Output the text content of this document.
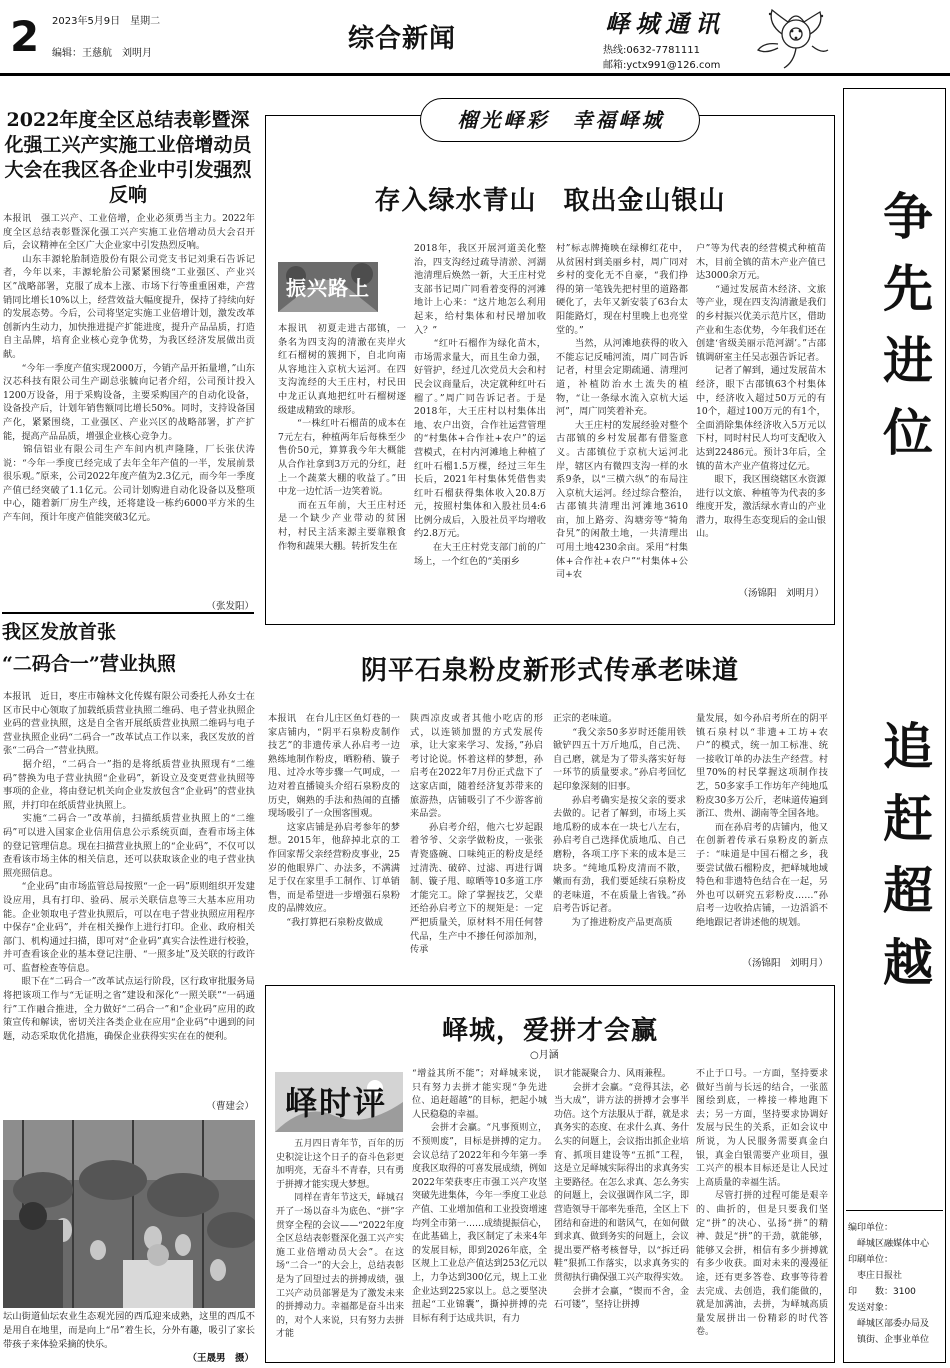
2 2023年5月9日　星期二
编辑：王慈航　刘明月	综合新闻
峄城通讯
热线:0632-7781111
邮箱:yctx991@126.com
2022年度全区总结表彰暨深化强工兴产实施工业倍增动员大会在我区各企业中引发强烈反响
本报讯　强工兴产、工业倍增，企业必须勇当主力。2022年度全区总结表彰暨深化强工兴产实施工业倍增动员大会召开后，会议精神在全区广大企业家中引发热烈反响。
　　山东丰源轮胎制造股份有限公司党支书记刘秉石告诉记者，今年以来，丰源轮胎公司紧紧围绕“工业强区、产业兴区”战略部署，克服了成本上涨、市场下行等重重困难，产营销同比增长10%以上，经营效益大幅度提升，保持了持续向好的发展态势。今后，公司将坚定实施工业倍增计划，激发改革创新内生动力，加快推进提产扩能进度，提升产品品质，打造自主品牌，培育企业核心竞争优势，为我区经济发展做出贡献。
　　“今年一季度产值实现2000万，今销产品开拓量增，”山东汉芯科技有限公司生产副总张毓向记者介绍，公司预计投入1200万设备，用于采购设备，主要采购国产的自动化设备，设备投产后，计划年销售额同比增长50%。同时，支持设备国产化，紧紧围绕，工业强区、产业兴区的战略部署，扩产扩能，提高产品品质，增强企业核心竞争力。
　　锦信铝业有限公司生产车间内机声隆隆，厂长张伏涛说：“今年一季度已经完成了去年全年产值的一半，发展前景很乐观。”原来，公司2022年度产值为2.3亿元，而今年一季度产值已经突破了1.1亿元。公司计划购进自动化设备以及整项中心，随着新厂房生产线，还将建设一栋约6000平方米的生产车间，预计年度产值能突破3亿元。
（张发阳）
我区发放首张
“二码合一”营业执照
本报讯　近日，枣庄市翰林文化传媒有限公司委托人孙女士在区市民中心领取了加载纸质营业执照二维码、电子营业执照企业码的营业执照，这是自全省开展纸质营业执照二维码与电子营业执照企业码“二码合一”改革试点工作以来，我区发放的首张“二码合一”营业执照。
　　据介绍，“二码合一”指的是将纸质营业执照现有“二维码”替换为电子营业执照“企业码”，新设立及变更营业执照等事项的企业，将由登记机关向企业发放包含“企业码”的营业执照，并打印在纸质营业执照上。
　　实施“二码合一”改革前，扫描纸质营业执照上的“二维码”可以进入国家企业信用信息公示系统页面，查看市场主体的登记管理信息。现在扫描营业执照上的“企业码”，不仅可以查看该市场主体的相关信息，还可以获取该企业的电子营业执照亮照信息。
　　“企业码”由市场监管总局按照“一企一码”原则组织开发建设应用，具有打印、验码、展示关联信息等三大基本应用功能。企业领取电子营业执照后，可以在电子营业执照应用程序中保存“企业码”，并在相关操作上进行打印。企业、政府相关部门、机构通过扫描，即可对“企业码”真实合法性进行校验，并可查看该企业的基本登记注册、“一照多址”及关联的行政许可、监督检查等信息。
　　眼下在“二码合一”改革试点运行阶段，区行政审批服务局将把该项工作与“无证明之省”建设和深化“一照关联”“一码通行”工作融合推进，全力做好“二码合一”和“企业码”应用的政策宣传和解读，密切关注各类企业在应用“企业码”中遇到的问题，动态采取优化措施，确保企业获得实实在在的便利。
（曹建会）
坛山街道仙坛农业生态观光园的西瓜迎来成熟，这里的西瓜不是用自在地里，而是向上“吊”着生长，分外有趣，吸引了家长带孩子来体验采摘的快乐。
（王晟男　摄）
榴光峄彩　幸福峄城
存入绿水青山　取出金山银山
振兴路上
本报讯　初夏走进古邵镇，一条名为四支沟的清澈在夹岸火红石榴树的簇拥下，自北向南从容地注入京杭大运河。在四支沟流经的大王庄村，村民田中龙正认真地把红叶石榴树逐级建成精致的球形。
　　“一株红叶石榴苗的成本在7元左右，种植两年后每株至少售价50元，算算我今年大概能从合作社拿到3万元的分红，赶上一个蔬菜大棚的收益了。”田中龙一边忙活一边笑着说。
　　而在五年前，大王庄村还是一个缺少产业带动的贫困村，村民主活来源主要靠粮食作物和蔬果大棚。转折发生在
2018年，我区开展河道美化整治，四支沟经过疏导清淤、河湖池清理后焕然一新，大王庄村党支部书记周广同看着变得的河滩地计上心来：“这片地怎么利用起来，给村集体和村民增加收入？”
　　“红叶石榴作为绿化苗木，市场需求量大，而且生命力强，好管护，经过几次党员大会和村民会议商量后，决定就种红叶石榴了。”周广同告诉记者。于是2018年，大王庄村以村集体出地、农户出资，合作社运营管理的“村集体+合作社+农户”的运营模式，在村内河滩地上种植了红叶石榴1.5万棵，经过三年生长后，2021年村集体凭借售卖红叶石榴获得集体收入20.8万元，按照村集体和入股社员4:6比例分成后，入股社员平均增收约2.8万元。
　　在大王庄村党支部门前的广场上，一个红色的“美丽乡
村”标志牌掩映在绿柳红花中，从贫困村到美丽乡村，周广同对乡村的变化无不自豪，“我们挣得的第一笔钱先把村里的道路都硬化了，去年又新安装了63台太阳能路灯，现在村里晚上也亮堂堂的。”
　　当然，从河滩地获得的收入不能忘记反哺河流，周广同告诉记者，村里会定期疏通、清理河道，补植防治水土流失的植物，“让一条绿水流入京杭大运河”，周广同笑着补充。
　　大王庄村的发展经验对整个古邵镇的乡村发展都有借鉴意义。古邵镇位于京杭大运河北岸，辖区内有微四支沟一样的水系9条，以“三横六纵”的布局注入京杭大运河。经过综合整治，古邵镇共清理出河滩地3610亩，加上路旁、沟塘旁等“犄角旮旯”的闲散土地，一共清理出可用土地4230余亩。采用“村集体+合作社+农户”“村集体+公司+农
户”等为代表的经营模式种植苗木，目前全镇的苗木产业产值已达3000余万元。
　　“通过发展苗木经济、文旅等产业，现在四支沟清澈是我们的乡村振兴优美示范片区，借助产业和生态优势，今年我们还在创建‘省级美丽示范河湖’。”古邵镇调研室主任吴志强告诉记者。
　　记者了解到，通过发展苗木经济，眼下古邵镇63个村集体中，经济收入超过50万元的有10个，超过100万元的有1个，全面消除集体经济收入5万元以下村，同时村民人均可支配收入达到22486元。预计3年后，全镇的苗木产业产值将过亿元。
　　眼下，我区围绕辖区水资源进行以文旅、种植等为代表的多维度开发，激活绿水青山的产业潜力，取得生态变现后的金山银山。
（汤锦阳　刘明月）
阴平石泉粉皮新形式传承老味道
本报讯　在台儿庄区鱼灯巷的一家店铺内，“阴平石泉粉皮制作技艺”的非遗传承人孙启考一边熟练地制作粉皮，晒粉稍、镟子甩、过冷水等步骤一气呵成，一边对着直播镜头介绍石泉粉皮的历史，娴熟的手法和热闹的直播现场吸引了一众围客围观。
　　这家店铺是孙启考参年的梦想。2015年，他辞掉北京的工作回家帮父亲经营粉皮事业，25岁的他眼界广、办法多，不满满足于仅在家里手工制作、订单销售，而是希望进一步增强石泉粉皮的品牌效应。
　　“我打算把石泉粉皮做成
陕西凉皮或者其他小吃店的形式，以连锁加盟的方式发展传承，让大家来学习、发扬，”孙启考讨论说。怀着这样的梦想，孙启考在2022年7月份正式盘下了这家店面，随着经济复苏带来的旅游热，店铺吸引了不少游客前来品尝。
　　孙启考介绍，他六七岁起跟着爷爷、父亲学做粉皮，一张张青瓷盛碗、口味纯正的粉皮是经过清洗、破碎、过滤、再进行调制、镟子甩、晾晒等10多道工序才能完工。除了掌握技艺，父辈还给孙启考立下的规矩是：一定严把质量关，原材料不用任何替代品，生产中不掺任何添加剂，传承
正宗的老味道。
　　“我父亲50多岁时还能用铁锨铲四五十万斤地瓜，自己洗、自己磨，就是为了带头落实好每一环节的质量要求。”孙启考回忆起印象深刻的旧事。
　　孙启考确实是按父亲的要求去做的。记者了解到，市场上买地瓜粉的成本在一块七八左右，孙启考自己选择优质地瓜、自己磨粉，各项工序下来的成本是三块多。“纯地瓜粉皮清而不散，嫩而有劲，我们要延续石泉粉皮的老味道，不在质量上省钱。”孙启考告诉记者。
　　为了推进粉皮产品更高质
量发展，如今孙启考所在的阴平镇石泉村以“非遗+工坊+农户”的模式，统一加工标准、统一接收订单的办法生产经营。村里70%的村民掌握这项制作技艺，50多家手工作坊年产纯地瓜粉皮30多万公斤，老味道传遍到浙江、贵州、湖南等全国各地。
　　而在孙启考的店铺内，他又在创新着传承石泉粉皮的新点子：“味道是中国石榴之乡，我要尝试做石榴粉皮，把峄城地域特色和非遗特色结合在一起，另外也可以研究五彩粉皮……”孙启考一边收拾店铺，一边滔滔不绝地跟记者讲述他的规划。
（汤锦阳　刘明月）
峄城，爱拼才会赢
○月涵
峄时评
　　五月四日青年节，百年的历史积淀让这个日子的奋斗色彩更加明亮，无奋斗不青春，只有勇于拼搏才能实现大梦想。
　　同样在青年节这天，峄城召开了一场以奋斗为底色、“拼”字贯穿全程的会议——“2022年度全区总结表彰暨深化强工兴产实施工业倍增动员大会”。在这场“二合一”的大会上，总结表彰是为了回望过去的拼搏成绩，强工兴产动员部署是为了激发未来的拼搏动力。幸福都是奋斗出来的，对个人来说，只有努力去拼才能
“增益其所不能”；对峄城来说，只有努力去拼才能实现“争先进位、追赶超越”的目标，把起小城人民稳稳的幸福。
　　会拼才会赢。“凡事预则立，不预则废”，目标是拼搏的定力。会议总结了2022年和今年第一季度我区取得的可喜发展成绩，例如2022年荣获枣庄市强工兴产攻坚突破先进集体，今年一季度工业总产值、工业增加值和工业投资增速均列全市第一……成绩提振信心，在此基础上，我区制定了未来4年的发展目标，即到2026年底，全区规上工业总产值达到253亿元以上，力争达到300亿元，规上工业企业达到225家以上。总之要坚决扭起“工业锦囊”，撕掉拼搏的壳目标有利于达成共识，有力
识才能凝聚合力、风雨兼程。
　　会拼才会赢。“竞得其法，必当大成”，讲方法的拼搏才会事半功倍。这个方法服从于群，就是求真务实的态度、在求什么真、务什么实的问题上，会议指出抓企业培育、抓项目建设等“五抓”工程，这是立足峄城实际得出的求真务实主要路径。在怎么求真、怎么务实的问题上，会议强调作风二字，即营造领导干部率先垂范，全区上下团结和奋进的和谐风气，在如何做到求真、做到务实的问题上，会议提出要严格考核督导，以“拆迁码鞋”狠抓工作落实，以求真务实的贯彻执行确保强工兴产取得实效。
　　会拼才会赢，“锲而不舍，金石可镂”，坚持让拼搏
不止于口号。一方面，坚持要求做好当前与长远的结合，一张蓝图绘到底，一棒接一棒地跑下去；另一方面，坚持要求协调好发展与民生的关系，正如会议中所说，为人民服务需要真金白银，真金白银需要产业项目，强工兴产的根本目标还是让人民过上高质量的幸福生活。
　　尽管打拼的过程可能是艰辛的、曲折的，但是只要我们坚定“拼”的决心、弘扬“拼”的精神、鼓足“拼”的干劲，就能够，能够又会拼，相信有多少拼搏就有多少收获。面对未来的漫漫征途，还有更多答卷、政事等待着去完成、去创造，我们能做的，就是加满油，去拼，为峄城高质量发展拼出一份精彩的时代答卷。
争先进位
追赶超越
编印单位：
　峄城区融媒体中心
印刷单位：
　枣庄日报社
印　　数：3100
发送对象：
　峄城区部委办局及
　镇街、企事业单位
